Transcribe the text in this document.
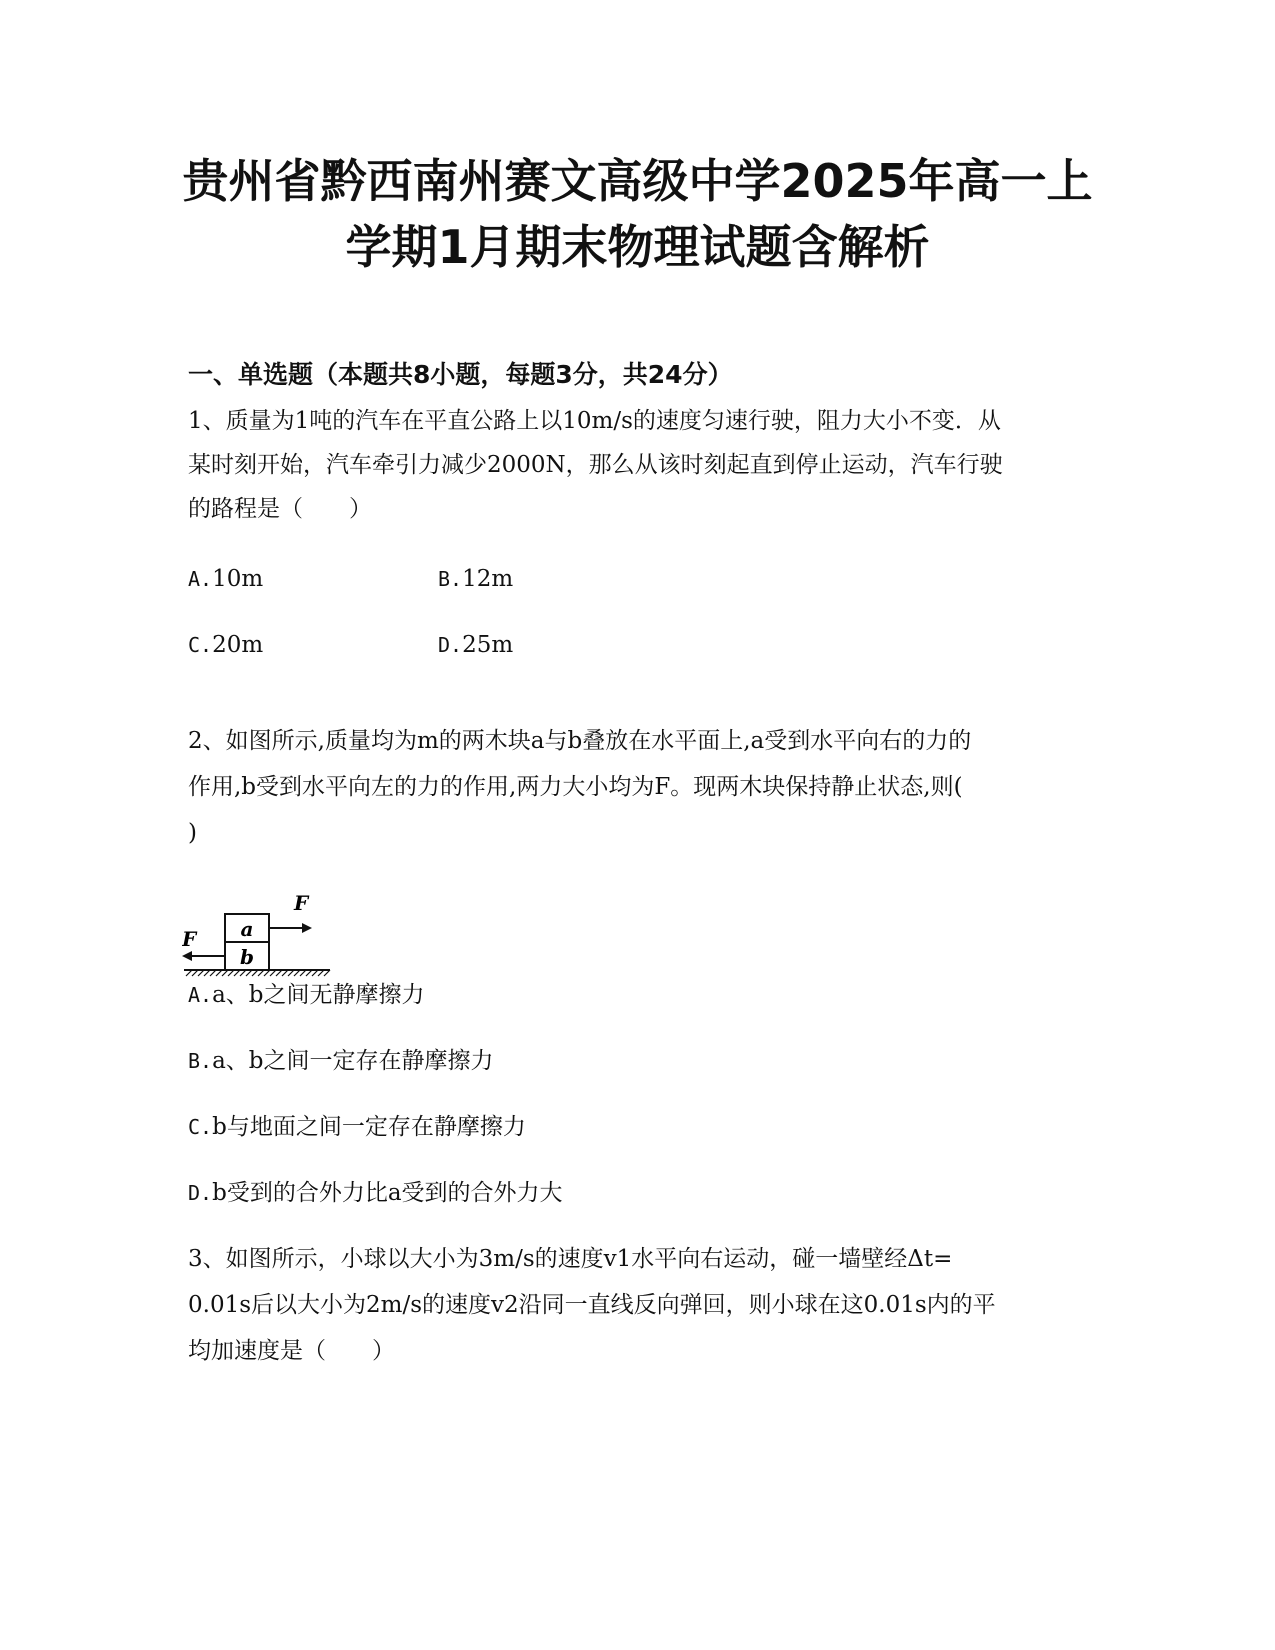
贵州省黔西南州赛文高级中学2025年高一上
学期1月期末物理试题含解析
一、单选题（本题共8小题，每题3分，共24分）

1、质量为1吨的汽车在平直公路上以10m/s的速度匀速行驶，阻力大小不变．从

某时刻开始，汽车牵引力减少2000N，那么从该时刻起直到停止运动，汽车行驶

的路程是（　　）

A.10m	B.12m
C.20m	D.25m

2、如图所示,质量均为m的两木块a与b叠放在水平面上,a受到水平向右的力的

作用,b受到水平向左的力的作用,两力大小均为F。现两木块保持静止状态,则(

)

a
b
F
F
A.a、b之间无静摩擦力
B.a、b之间一定存在静摩擦力
C.b与地面之间一定存在静摩擦力
D.b受到的合外力比a受到的合外力大

3、如图所示，小球以大小为3m/s的速度v1水平向右运动，碰一墙壁经Δt=

0.01s后以大小为2m/s的速度v2沿同一直线反向弹回，则小球在这0.01s内的平

均加速度是（　　）
